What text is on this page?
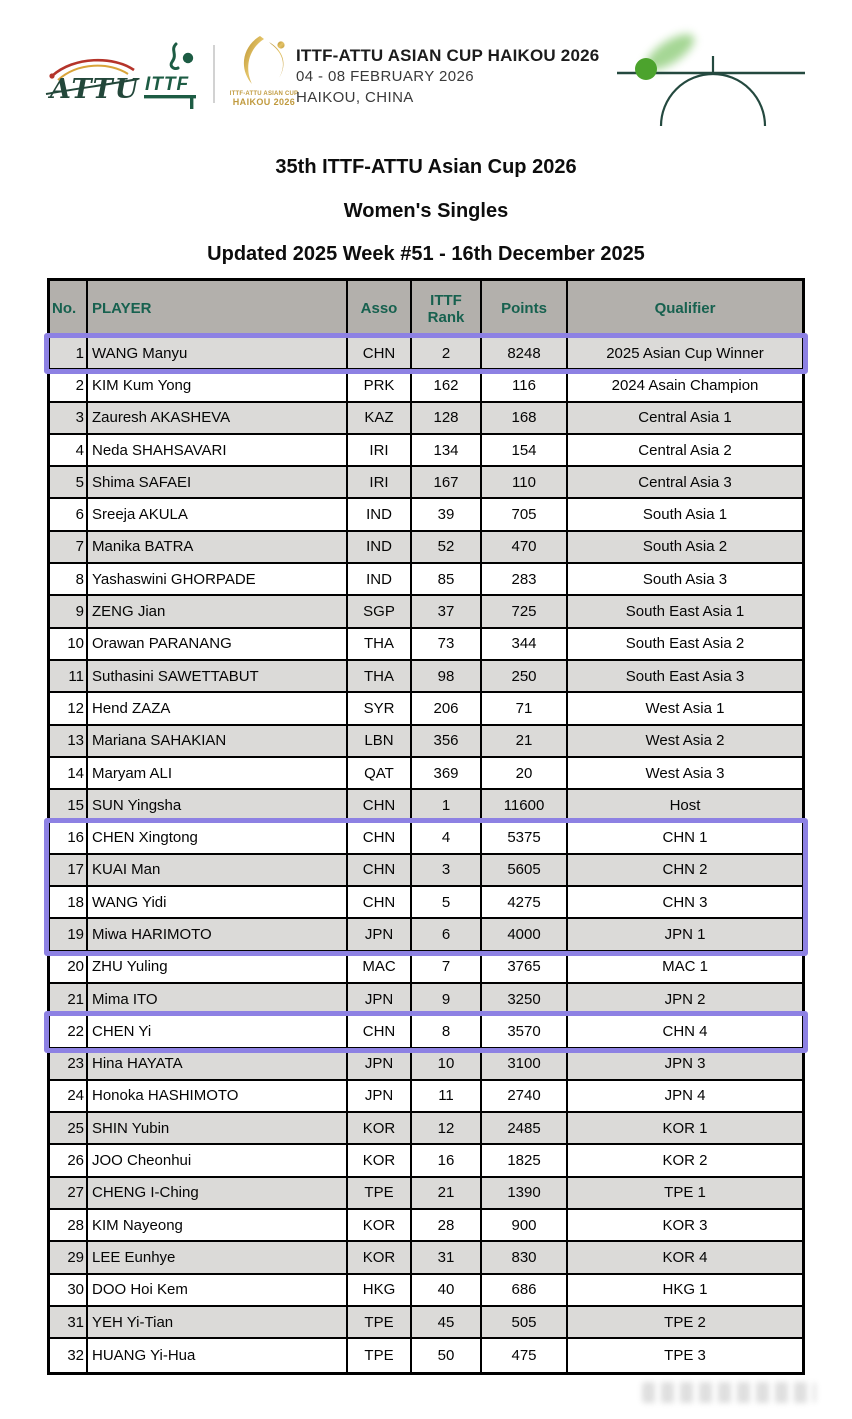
ATTU ITTF	ITTF-ATTU ASIAN CUP
HAIKOU 2026
ITTF-ATTU ASIAN CUP HAIKOU 2026
04 - 08 FEBRUARY 2026
HAIKOU, CHINA
35th ITTF-ATTU Asian Cup 2026
Women's Singles
Updated 2025 Week #51 - 16th December 2025
No.	PLAYER	Asso	ITTF Rank	Points	Qualifier
1 WANG Manyu	CHN	2	8248	2025 Asian Cup Winner
2 KIM Kum Yong	PRK	162	116	2024 Asain Champion
3 Zauresh AKASHEVA	KAZ	128	168	Central Asia 1
4 Neda SHAHSAVARI	IRI	134	154	Central Asia 2
5 Shima SAFAEI	IRI	167	110	Central Asia 3
6 Sreeja AKULA	IND	39	705	South Asia 1
7 Manika BATRA	IND	52	470	South Asia 2
8 Yashaswini GHORPADE	IND	85	283	South Asia 3
9 ZENG Jian	SGP	37	725	South East Asia 1
10 Orawan PARANANG	THA	73	344	South East Asia 2
11 Suthasini SAWETTABUT	THA	98	250	South East Asia 3
12 Hend ZAZA	SYR	206	71	West Asia 1
13 Mariana SAHAKIAN	LBN	356	21	West Asia 2
14 Maryam ALI	QAT	369	20	West Asia 3
15 SUN Yingsha	CHN	1	11600	Host
16 CHEN Xingtong	CHN	4	5375	CHN 1
17 KUAI Man	CHN	3	5605	CHN 2
18 WANG Yidi	CHN	5	4275	CHN 3
19 Miwa HARIMOTO	JPN	6	4000	JPN 1
20 ZHU Yuling	MAC	7	3765	MAC 1
21 Mima ITO	JPN	9	3250	JPN 2
22 CHEN Yi	CHN	8	3570	CHN 4
23 Hina HAYATA	JPN	10	3100	JPN 3
24 Honoka HASHIMOTO	JPN	11	2740	JPN 4
25 SHIN Yubin	KOR	12	2485	KOR 1
26 JOO Cheonhui	KOR	16	1825	KOR 2
27 CHENG I-Ching	TPE	21	1390	TPE 1
28 KIM Nayeong	KOR	28	900	KOR 3
29 LEE Eunhye	KOR	31	830	KOR 4
30 DOO Hoi Kem	HKG	40	686	HKG 1
31 YEH Yi-Tian	TPE	45	505	TPE 2
32 HUANG Yi-Hua	TPE	50	475	TPE 3
